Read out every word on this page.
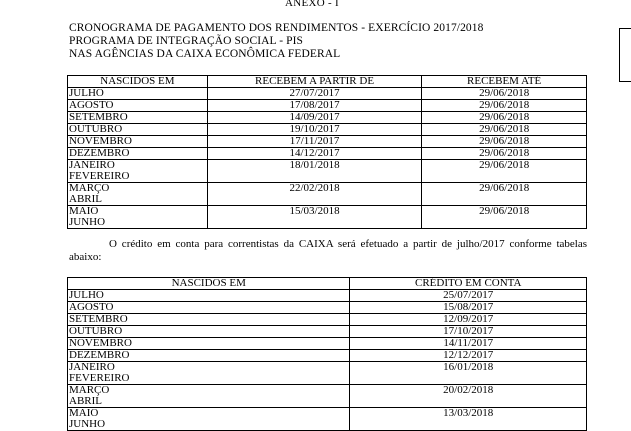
ANEXO - I
CRONOGRAMA DE PAGAMENTO DOS RENDIMENTOS - EXERCÍCIO 2017/2018
PROGRAMA DE INTEGRAÇÃO SOCIAL - PIS
NAS AGÊNCIAS DA CAIXA ECONÔMICA FEDERAL
NASCIDOS EM	RECEBEM A PARTIR DE	RECEBEM ATÉ

JULHO	27/07/2017	29/06/2018

AGOSTO	17/08/2017	29/06/2018

SETEMBRO	14/09/2017	29/06/2018

OUTUBRO	19/10/2017	29/06/2018

NOVEMBRO	17/11/2017	29/06/2018

DEZEMBRO	14/12/2017	29/06/2018

JANEIRO
FEVEREIRO	18/01/2018	29/06/2018

MARÇO
ABRIL	22/02/2018	29/06/2018

MAIO
JUNHO	15/03/2018	29/06/2018
O crédito em conta para correntistas da CAIXA será efetuado a partir de julho/2017 conforme tabelas abaixo:
NASCIDOS EM	CRÉDITO EM CONTA

JULHO	25/07/2017

AGOSTO	15/08/2017

SETEMBRO	12/09/2017

OUTUBRO	17/10/2017

NOVEMBRO	14/11/2017

DEZEMBRO	12/12/2017

JANEIRO
FEVEREIRO	16/01/2018

MARÇO
ABRIL	20/02/2018

MAIO
JUNHO	13/03/2018
